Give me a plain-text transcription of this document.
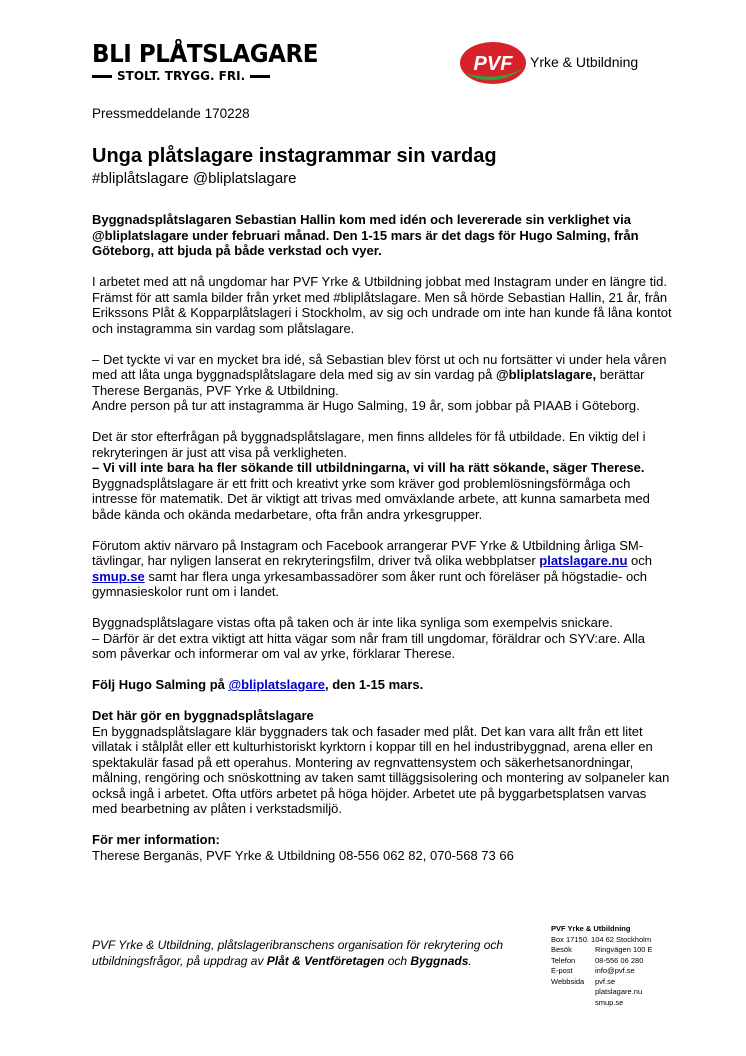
BLI PLÅTSLAGARE
STOLT. TRYGG. FRI.
PVF Yrke & Utbildning
Pressmeddelande 170228
Unga plåtslagare instagrammar sin vardag
#bliplåtslagare @bliplatslagare

Byggnadsplåtslagaren Sebastian Hallin kom med idén och levererade sin verklighet via @bliplatslagare under februari månad. Den 1-15 mars är det dags för Hugo Salming, från Göteborg, att bjuda på både verkstad och vyer.

I arbetet med att nå ungdomar har PVF Yrke & Utbildning jobbat med Instagram under en längre tid. Främst för att samla bilder från yrket med #bliplåtslagare. Men så hörde Sebastian Hallin, 21 år, från Erikssons Plåt & Kopparplåtslageri i Stockholm, av sig och undrade om inte han kunde få låna kontot och instagramma sin vardag som plåtslagare.

– Det tyckte vi var en mycket bra idé, så Sebastian blev först ut och nu fortsätter vi under hela våren med att låta unga byggnadsplåtslagare dela med sig av sin vardag på @bliplatslagare, berättar Therese Berganäs, PVF Yrke & Utbildning.
Andre person på tur att instagramma är Hugo Salming, 19 år, som jobbar på PIAAB i Göteborg.

Det är stor efterfrågan på byggnadsplåtslagare, men finns alldeles för få utbildade. En viktig del i rekryteringen är just att visa på verkligheten.
– Vi vill inte bara ha fler sökande till utbildningarna, vi vill ha rätt sökande, säger Therese.
Byggnadsplåtslagare är ett fritt och kreativt yrke som kräver god problemlösningsförmåga och intresse för matematik. Det är viktigt att trivas med omväxlande arbete, att kunna samarbeta med både kända och okända medarbetare, ofta från andra yrkesgrupper.

Förutom aktiv närvaro på Instagram och Facebook arrangerar PVF Yrke & Utbildning årliga SM-tävlingar, har nyligen lanserat en rekryteringsfilm, driver två olika webbplatser platslagare.nu och smup.se samt har flera unga yrkesambassadörer som åker runt och föreläser på högstadie- och gymnasieskolor runt om i landet.

Byggnadsplåtslagare vistas ofta på taken och är inte lika synliga som exempelvis snickare.
– Därför är det extra viktigt att hitta vägar som når fram till ungdomar, föräldrar och SYV:are. Alla som påverkar och informerar om val av yrke, förklarar Therese.

Följ Hugo Salming på @bliplatslagare, den 1-15 mars.

Det här gör en byggnadsplåtslagare
En byggnadsplåtslagare klär byggnaders tak och fasader med plåt. Det kan vara allt från ett litet villatak i stålplåt eller ett kulturhistoriskt kyrktorn i koppar till en hel industribyggnad, arena eller en spektakulär fasad på ett operahus. Montering av regnvattensystem och säkerhetsanordningar, målning, rengöring och snöskottning av taken samt tilläggsisolering och montering av solpaneler kan också ingå i arbetet. Ofta utförs arbetet på höga höjder. Arbetet ute på byggarbetsplatsen varvas med bearbetning av plåten i verkstadsmiljö.

För mer information:
Therese Berganäs, PVF Yrke & Utbildning 08-556 062 82, 070-568 73 66

PVF Yrke & Utbildning, plåtslageribranschens organisation för rekrytering och utbildningsfrågor, på uppdrag av Plåt & Ventföretagen och Byggnads.
PVF Yrke & Utbildning
Box 17150. 104 62 Stockholm
Besök	Ringvägen 100 E
Telefon	08-556 06 280
E-post	info@pvf.se
Webbsida	pvf.se
platslagare.nu
smup.se
